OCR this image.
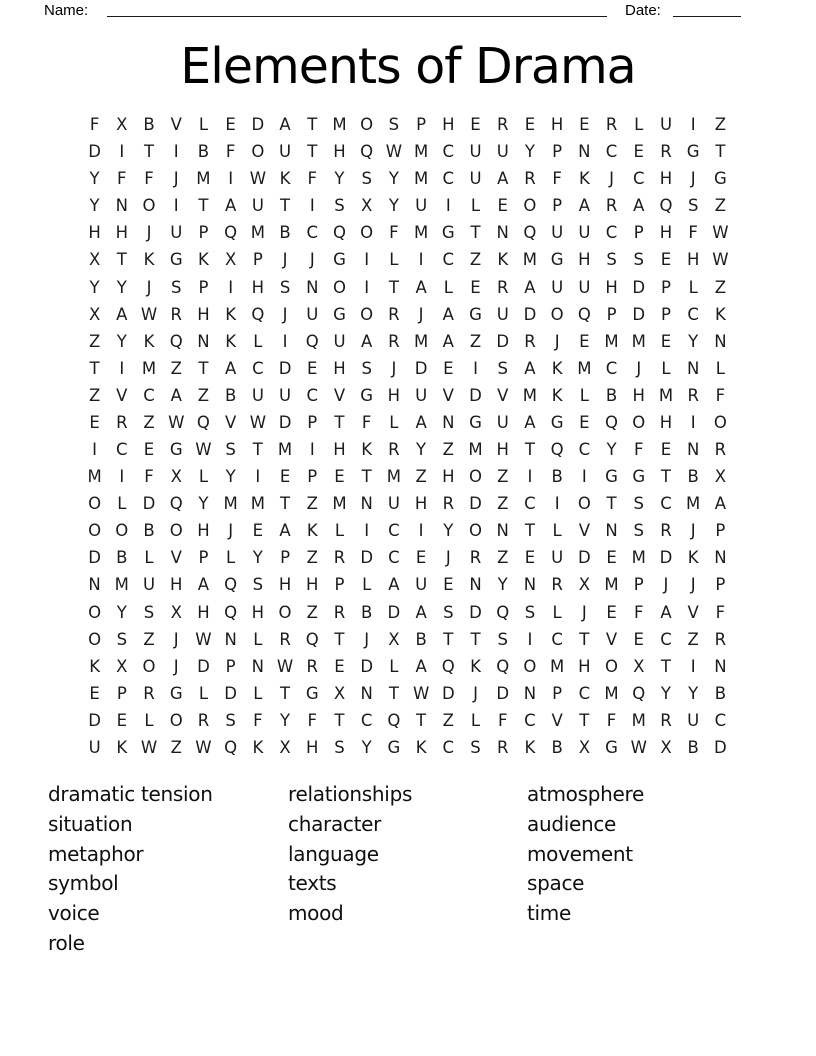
Name:	Date:
Elements of Drama
F	X B V	L	E D A	T M O S	P H E R E H E R	L	U	I	Z
D	I	T	I	B	F O U T H Q W M C U U Y	P N C E R G T
Y	F	F	J	M	I	W K	F	Y	S	Y M C U A R	F	K	J	C H	J	G
Y N O	I	T	A U T	I	S X	Y U	I	L	E O P	A R A Q S Z
H H	J	U P Q M B C Q O F M G T N Q U U C P H F W
X	T	K G K X	P	J	J	G	I	L	I	C Z K M G H S	S	E H W
Y	Y	J	S	P	I	H S N O	I	T	A	L	E R A U U H D P	L	Z
X A W R H K Q	J	U G O R	J	A G U D O Q P D P C K
Z	Y	K Q N K	L	I	Q U A R M A Z D R	J	E M M E	Y N
T	I	M Z	T	A C D E H S	J	D E	I	S A K M C	J	L N L
Z V C A Z B U U C V G H U V D V M K	L	B H M R	F
E R Z W Q V W D P	T	F	L	A N G U A G E Q O H	I	O
I	C E G W S	T M	I	H K R Y	Z M H T Q C Y	F	E N R
M	I	F	X	L	Y	I	E	P	E	T M Z H O Z	I	B	I	G G T	B X
O L D Q Y M M T	Z M N U H R D Z C	I	O T	S C M A
O O B O H	J	E A K	L	I	C	I	Y O N T	L	V N S R	J	P
D B	L	V	P	L	Y	P	Z R D C E	J	R Z E U D E M D K N
N M U H A Q S H H P	L	A U E N Y N R X M P	J	J	P
O Y	S X H Q H O Z R B D A S D Q S	L	J	E	F	A V	F
O S Z	J	W N L	R Q T	J	X B T	T	S	I	C T	V E C Z R
K X O	J	D P N W R E D L	A Q K Q O M H O X	T	I	N
E	P	R G L D L	T G X N T W D	J	D N P C M Q Y	Y	B
D E	L O R S	F	Y	F	T C Q T	Z	L	F	C V	T	F M R U C
U K W Z W Q K X H S	Y G K C S R K B X G W X B D
dramatic tension
situation
metaphor
symbol
voice
role
relationships
character
language
texts
mood
atmosphere
audience
movement
space
time
